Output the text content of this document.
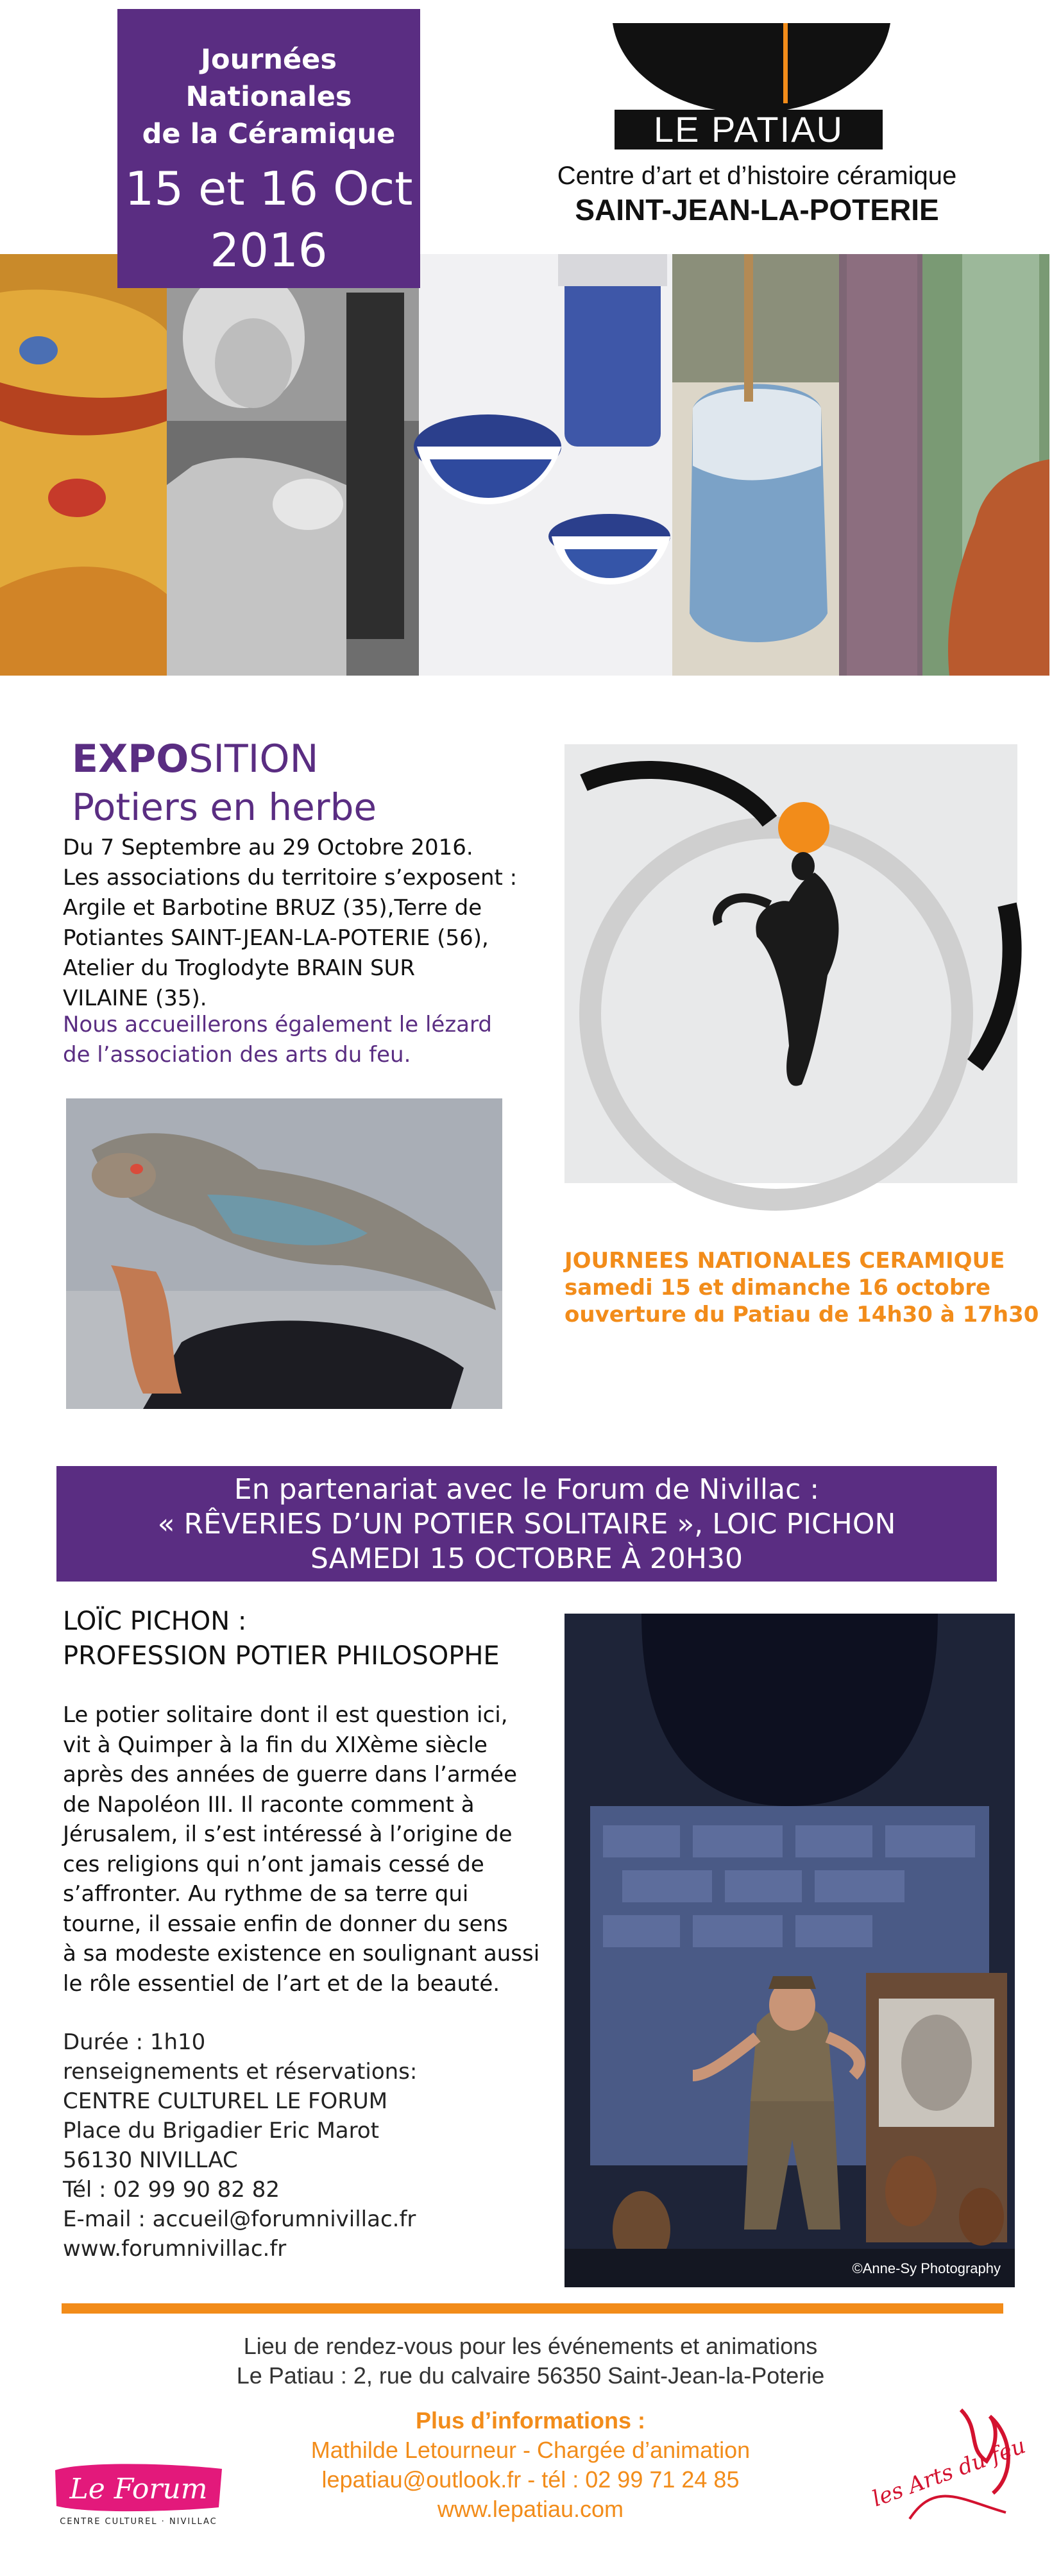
Journées Nationales
de la Céramique
15 et 16 Oct
2016
LE PATIAU
Centre d’art et d’histoire céramique
SAINT-JEAN-LA-POTERIE
EXPOSITION
Potiers en herbe
Du 7 Septembre au 29 Octobre 2016.
Les associations du territoire s’exposent :
Argile et Barbotine BRUZ (35),Terre de
Potiantes SAINT-JEAN-LA-POTERIE (56),
Atelier du Troglodyte BRAIN SUR
VILAINE (35).
Nous accueillerons également le lézard
de l’association des arts du feu.
JOURNEES NATIONALES CERAMIQUE
samedi 15 et dimanche 16 octobre
ouverture du Patiau de 14h30 à 17h30
En partenariat avec le Forum de Nivillac :
« RÊVERIES D’UN POTIER SOLITAIRE », LOIC PICHON
SAMEDI 15 OCTOBRE À 20H30
LOÏC PICHON :
PROFESSION POTIER PHILOSOPHE
Le potier solitaire dont il est question ici,
vit à Quimper à la fin du XIXème siècle
après des années de guerre dans l’armée
de Napoléon III. Il raconte comment à
Jérusalem, il s’est intéressé à l’origine de
ces religions qui n’ont jamais cessé de
s’affronter. Au rythme de sa terre qui
tourne, il essaie enfin de donner du sens
à sa modeste existence en soulignant aussi
le rôle essentiel de l’art et de la beauté.
Durée : 1h10
renseignements et réservations:
CENTRE CULTUREL LE FORUM
Place du Brigadier Eric Marot
56130 NIVILLAC
Tél : 02 99 90 82 82
E-mail : accueil@forumnivillac.fr
www.forumnivillac.fr
©Anne-Sy Photography
Lieu de rendez-vous pour les événements et animations
Le Patiau : 2, rue du calvaire 56350 Saint-Jean-la-Poterie
Plus d’informations :
Mathilde Letourneur - Chargée d’animation
lepatiau@outlook.fr - tél : 02 99 71 24 85
www.lepatiau.com
Le Forum
CENTRE CULTUREL · NIVILLAC
les Arts du feu
